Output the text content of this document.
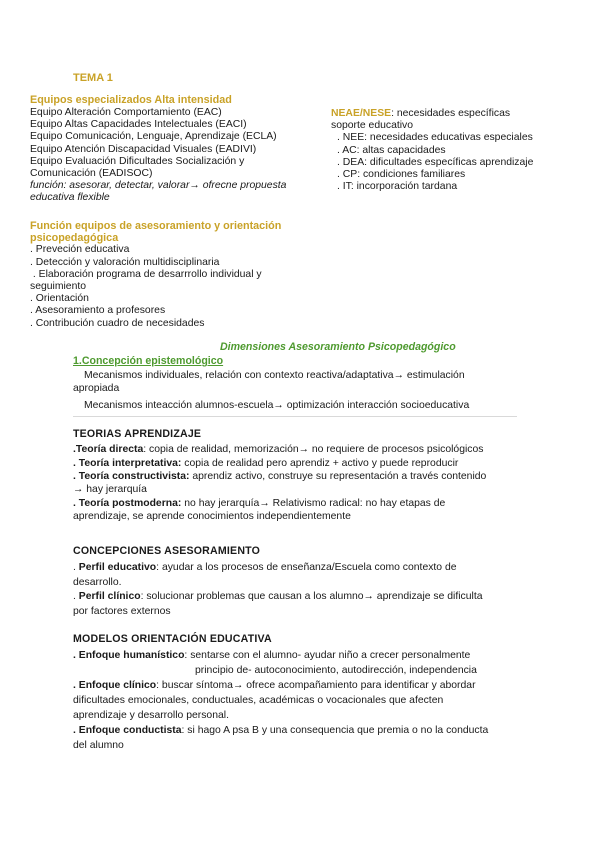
TEMA 1
Equipos especializados Alta intensidad
Equipo Alteración Comportamiento (EAC)
Equipo Altas Capacidades Intelectuales (EACI)
Equipo Comunicación, Lenguaje, Aprendizaje (ECLA)
Equipo Atención Discapacidad Visuales (EADIVI)
Equipo Evaluación Dificultades Socialización y
Comunicación (EADISOC)
función: asesorar, detectar, valorar→ ofrecne propuesta
educativa flexible
NEAE/NESE: necesidades específicas
soporte educativo
. NEE: necesidades educativas especiales
. AC: altas capacidades
. DEA: dificultades específicas aprendizaje
. CP: condiciones familiares
. IT: incorporación tardana
Función equipos de asesoramiento y orientación
psicopedagógica
. Preveción educativa
. Detección y valoración multidisciplinaria
. Elaboración programa de desarrrollo individual y
seguimiento
. Orientación
. Asesoramiento a profesores
. Contribución cuadro de necesidades
Dimensiones Asesoramiento Psicopedagógico
1.Concepción epistemológico
Mecanismos individuales, relación con contexto reactiva/adaptativa→ estimulación
apropiada
Mecanismos inteacción alumnos-escuela→ optimización interacción socioeducativa
TEORIAS APRENDIZAJE
.Teoría directa: copia de realidad, memorización→ no requiere de procesos psicológicos
. Teoría interpretativa: copia de realidad pero aprendiz + activo y puede reproducir
. Teoría constructivista: aprendiz activo, construye su representación a través contenido
→ hay jerarquía
. Teoría postmoderna: no hay jerarquía→ Relativismo radical: no hay etapas de
aprendizaje, se aprende conocimientos independientemente
CONCEPCIONES ASESORAMIENTO
. Perfil educativo: ayudar a los procesos de enseñanza/Escuela como contexto de
desarrollo.
. Perfil clínico: solucionar problemas que causan a los alumno→ aprendizaje se dificulta
por factores externos
MODELOS ORIENTACIÓN EDUCATIVA
. Enfoque humanístico: sentarse con el alumno- ayudar niño a crecer personalmente
principio de- autoconocimiento, autodirección, independencia
. Enfoque clínico: buscar síntoma→ ofrece acompañamiento para identificar y abordar
dificultades emocionales, conductuales, académicas o vocacionales que afecten
aprendizaje y desarrollo personal.
. Enfoque conductista: si hago A psa B y una consequencia que premia o no la conducta
del alumno
